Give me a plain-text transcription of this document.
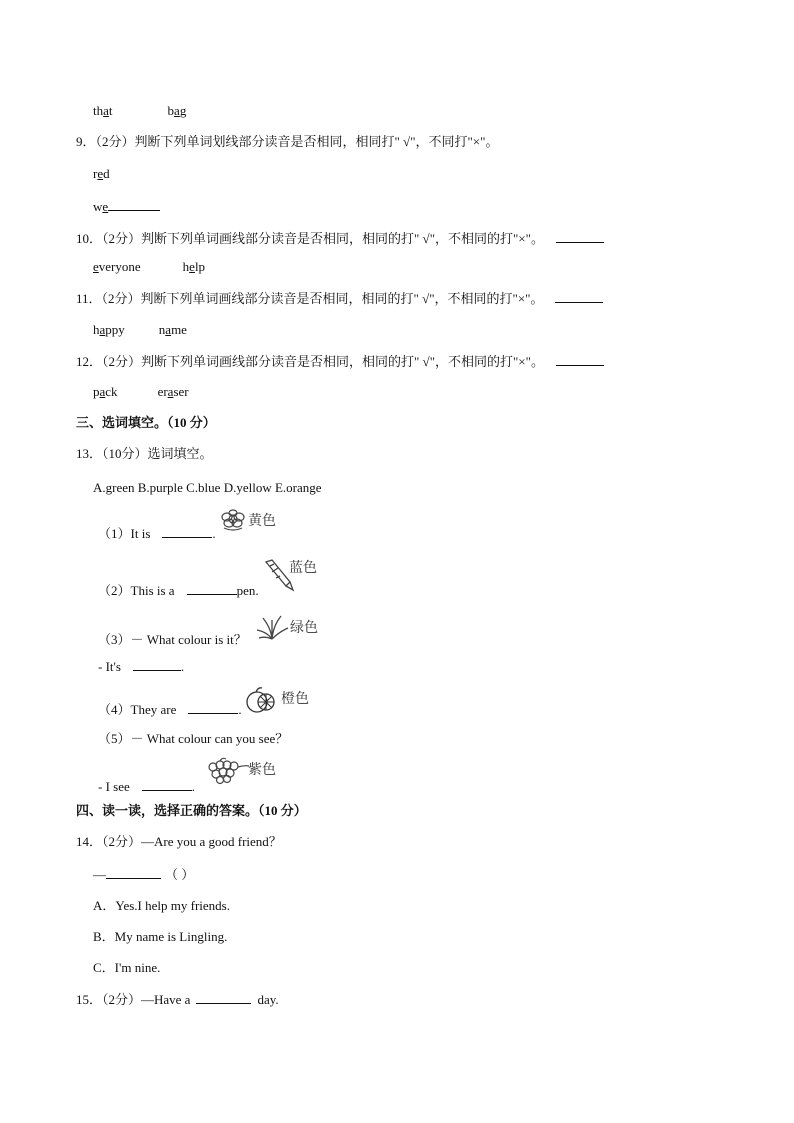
that	bag
9．（2分）判断下列单词划线部分读音是否相同，相同打" √"，不同打"×"。
red
we
10．（2分）判断下列单词画线部分读音是否相同，相同的打" √"，不相同的打"×"。
everyone	help
11．（2分）判断下列单词画线部分读音是否相同，相同的打" √"，不相同的打"×"。
happy	name
12．（2分）判断下列单词画线部分读音是否相同，相同的打" √"，不相同的打"×"。
pack	eraser
三、选词填空。（10 分）
13．（10分）选词填空。
A.green B.purple C.blue D.yellow E.orange
（1）It is	.
黄色
（2）This is a	pen.
蓝色
（3）－ What colour is it？
绿色
- It's	.
（4）They are	.
橙色
（5）－ What colour can you see？
- I see	.
紫色
四、读一读，选择正确的答案。（10 分）
14．（2分）—Are you a good friend？
—	（ ）
A．Yes.I help my friends.
B．My name is Lingling.
C．I'm nine.
15．（2分）—Have a	day.
